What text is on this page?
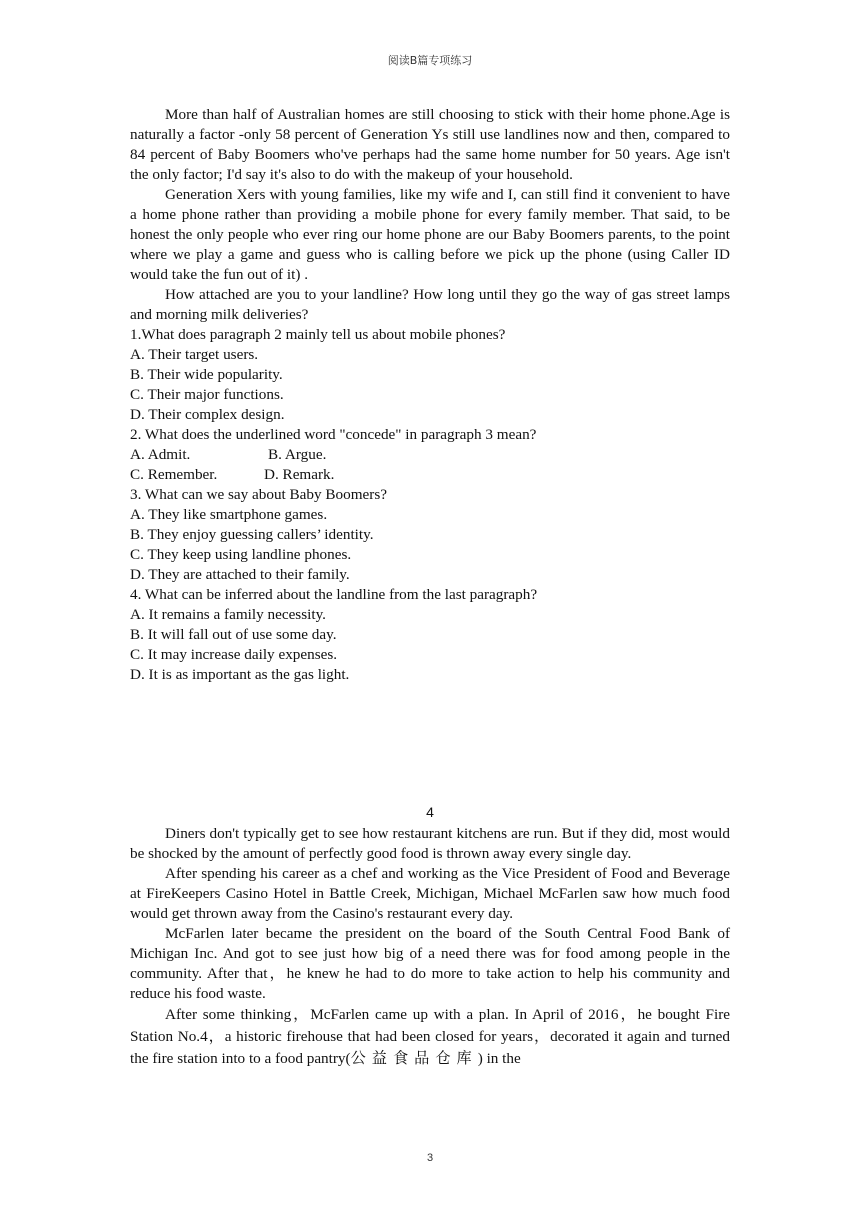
阅读B篇专项练习

More than half of Australian homes are still choosing to stick with their home phone.Age is naturally a factor -only 58 percent of Generation Ys still use landlines now and then, compared to 84 percent of Baby Boomers who've perhaps had the same home number for 50 years. Age isn't the only factor; I'd say it's also to do with the makeup of your household.

Generation Xers with young families, like my wife and I, can still find it convenient to have a home phone rather than providing a mobile phone for every family member. That said, to be honest the only people who ever ring our home phone are our Baby Boomers parents, to the point where we play a game and guess who is calling before we pick up the phone (using Caller ID would take the fun out of it) .

How attached are you to your landline? How long until they go the way of gas street lamps and morning milk deliveries?

1.What does paragraph 2 mainly tell us about mobile phones?

A. Their target users.

B. Their wide popularity.

C. Their major functions.

D. Their complex design.

2. What does the underlined word "concede" in paragraph 3 mean?

A. Admit.	B. Argue.
C. Remember.	D. Remark.

3. What can we say about Baby Boomers?

A. They like smartphone games.

B. They enjoy guessing callers’ identity.

C. They keep using landline phones.

D. They are attached to their family.

4. What can be inferred about the landline from the last paragraph?

A. It remains a family necessity.

B. It will fall out of use some day.

C. It may increase daily expenses.

D. It is as important as the gas light.

4

Diners don't typically get to see how restaurant kitchens are run. But if they did, most would be shocked by the amount of perfectly good food is thrown away every single day.

After spending his career as a chef and working as the Vice President of Food and Beverage at FireKeepers Casino Hotel in Battle Creek, Michigan, Michael McFarlen saw how much food would get thrown away from the Casino's restaurant every day.

McFarlen later became the president on the board of the South Central Food Bank of Michigan Inc. And got to see just how big of a need there was for food among people in the community. After that，he knew he had to do more to take action to help his community and reduce his food waste.

After some thinking，McFarlen came up with a plan. In April of 2016，he bought Fire Station No.4，a historic firehouse that had been closed for years，decorated it again and turned the fire station into to a food pantry(公益食品仓库) in the

3
